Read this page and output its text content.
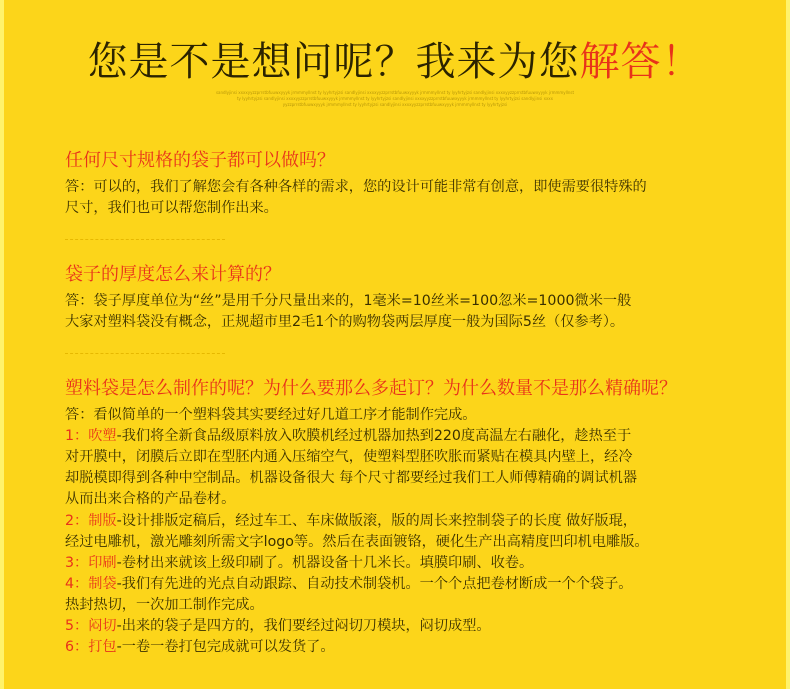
您是不是想问呢？我来为您解答！
sandlyjinsi xxxxyyzzprrstbfuuwxyyyk jrmmmyllnst ty lyyhrtyjzsi sandlyjinsi xxxxyyzzprrstbfuuwxyyyk jrmmmyllnst ty lyyhrtyjzsi sandlyjinsi xxxxyyzzprrstbfuuwxyyyk jrmmmyllnst
ty lyyhrtyjzsi sandlyjinsi xxxxyyzzprrstbfuuwxyyyk jrmmmyllnst ty lyyhrtyjzsi sandlyjinsi xxxxyyzzprrstbfuuwxyyyk jrmmmyllnst ty lyyhrtyjzsi sandlyjinsi xxxx
yyzzprrstbfuuwxyyyk jrmmmyllnst ty lyyhrtyjzsi sandlyjinsi xxxxyyzzprrstbfuuwxyyyk jrmmmyllnst ty lyyhrtyjzsi
任何尺寸规格的袋子都可以做吗？
答：可以的，我们了解您会有各种各样的需求，您的设计可能非常有创意，即使需要很特殊的
尺寸，我们也可以帮您制作出来。
袋子的厚度怎么来计算的？
答：袋子厚度单位为“丝”是用千分尺量出来的，1毫米=10丝米=100忽米=1000微米一般
大家对塑料袋没有概念，正规超市里2毛1个的购物袋两层厚度一般为国际5丝（仅参考）。
塑料袋是怎么制作的呢？为什么要那么多起订？为什么数量不是那么精确呢？
答：看似简单的一个塑料袋其实要经过好几道工序才能制作完成。
1：吹塑-我们将全新食品级原料放入吹膜机经过机器加热到220度高温左右融化，趁热至于
对开膜中，闭膜后立即在型胚内通入压缩空气，使塑料型胚吹胀而紧贴在模具内壁上，经冷
却脱模即得到各种中空制品。机器设备很大 每个尺寸都要经过我们工人师傅精确的调试机器
从而出来合格的产品卷材。
2：制版-设计排版定稿后，经过车工、车床做版滚，版的周长来控制袋子的长度 做好版琨，
经过电雕机，激光雕刻所需文字logo等。然后在表面镀铬，硬化生产出高精度凹印机电雕版。
3：印刷-卷材出来就该上级印刷了。机器设备十几米长。填膜印刷、收卷。
4：制袋-我们有先进的光点自动跟踪、自动技术制袋机。一个个点把卷材断成一个个袋子。
热封热切，一次加工制作完成。
5：闷切-出来的袋子是四方的，我们要经过闷切刀模块，闷切成型。
6：打包-一卷一卷打包完成就可以发货了。
